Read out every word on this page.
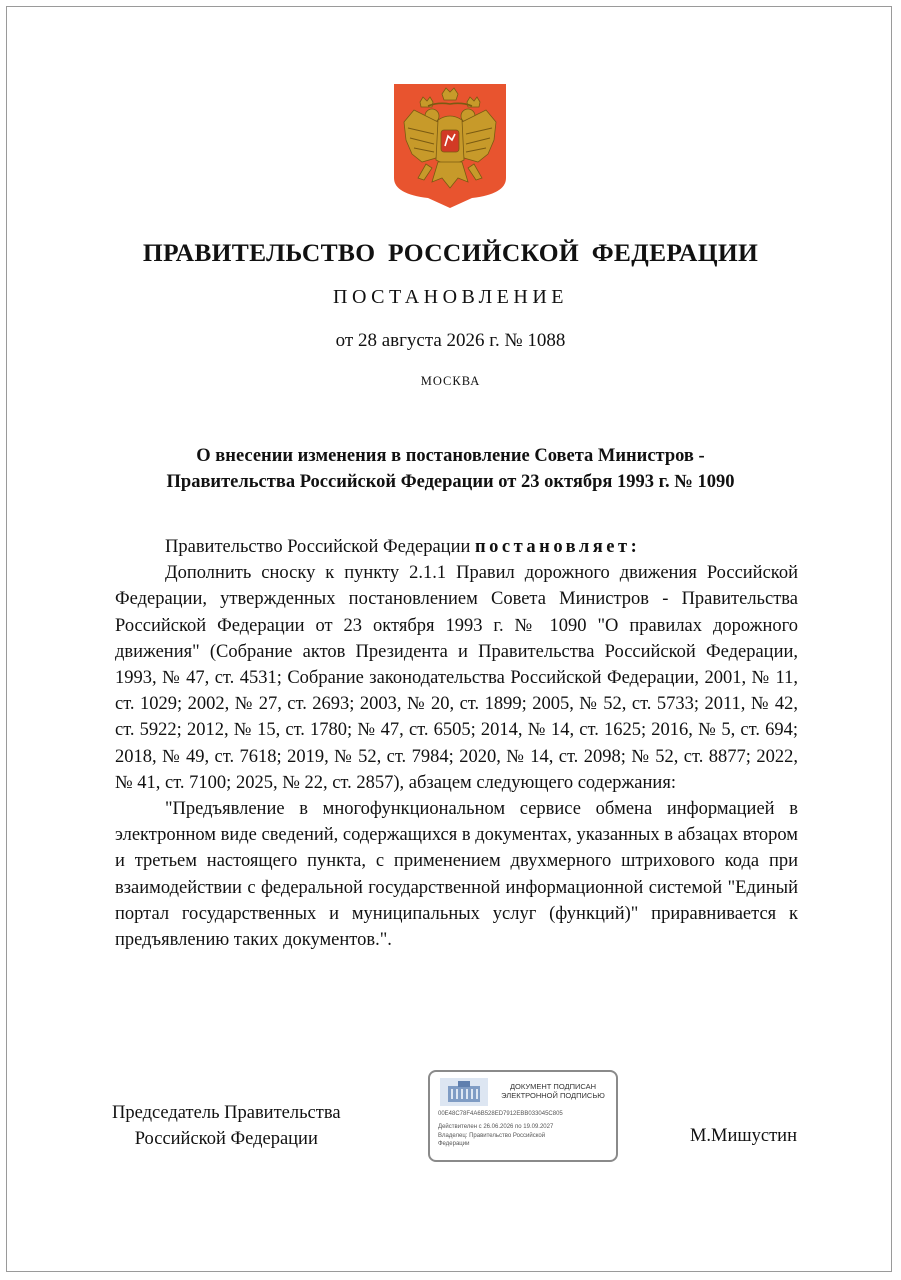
ПРАВИТЕЛЬСТВО РОССИЙСКОЙ ФЕДЕРАЦИИ
ПОСТАНОВЛЕНИЕ
от 28 августа 2026 г. № 1088
МОСКВА
О внесении изменения в постановление Совета Министров -
Правительства Российской Федерации от 23 октября 1993 г. № 1090

Правительство Российской Федерации постановляет:

Дополнить сноску к пункту 2.1.1 Правил дорожного движения Российской Федерации, утвержденных постановлением Совета Министров - Правительства Российской Федерации от 23 октября 1993 г. № 1090 "О правилах дорожного движения" (Собрание актов Президента и Правительства Российской Федерации, 1993, № 47, ст. 4531; Собрание законодательства Российской Федерации, 2001, № 11, ст. 1029; 2002, № 27, ст. 2693; 2003, № 20, ст. 1899; 2005, № 52, ст. 5733; 2011, № 42, ст. 5922; 2012, № 15, ст. 1780; № 47, ст. 6505; 2014, № 14, ст. 1625; 2016, № 5, ст. 694; 2018, № 49, ст. 7618; 2019, № 52, ст. 7984; 2020, № 14, ст. 2098; № 52, ст. 8877; 2022, № 41, ст. 7100; 2025, № 22, ст. 2857), абзацем следующего содержания:

"Предъявление в многофункциональном сервисе обмена информацией в электронном виде сведений, содержащихся в документах, указанных в абзацах втором и третьем настоящего пункта, с применением двухмерного штрихового кода при взаимодействии с федеральной государственной информационной системой "Единый портал государственных и муниципальных услуг (функций)" приравнивается к предъявлению таких документов.".

Председатель Правительства
Российской Федерации
ДОКУМЕНТ ПОДПИСАН
ЭЛЕКТРОННОЙ ПОДПИСЬЮ
00E48C78F4A6B528ED7912EBB033045C805
Действителен с 26.06.2026 по 19.09.2027
Владелец: Правительство Российской
Федерации	М.Мишустин
